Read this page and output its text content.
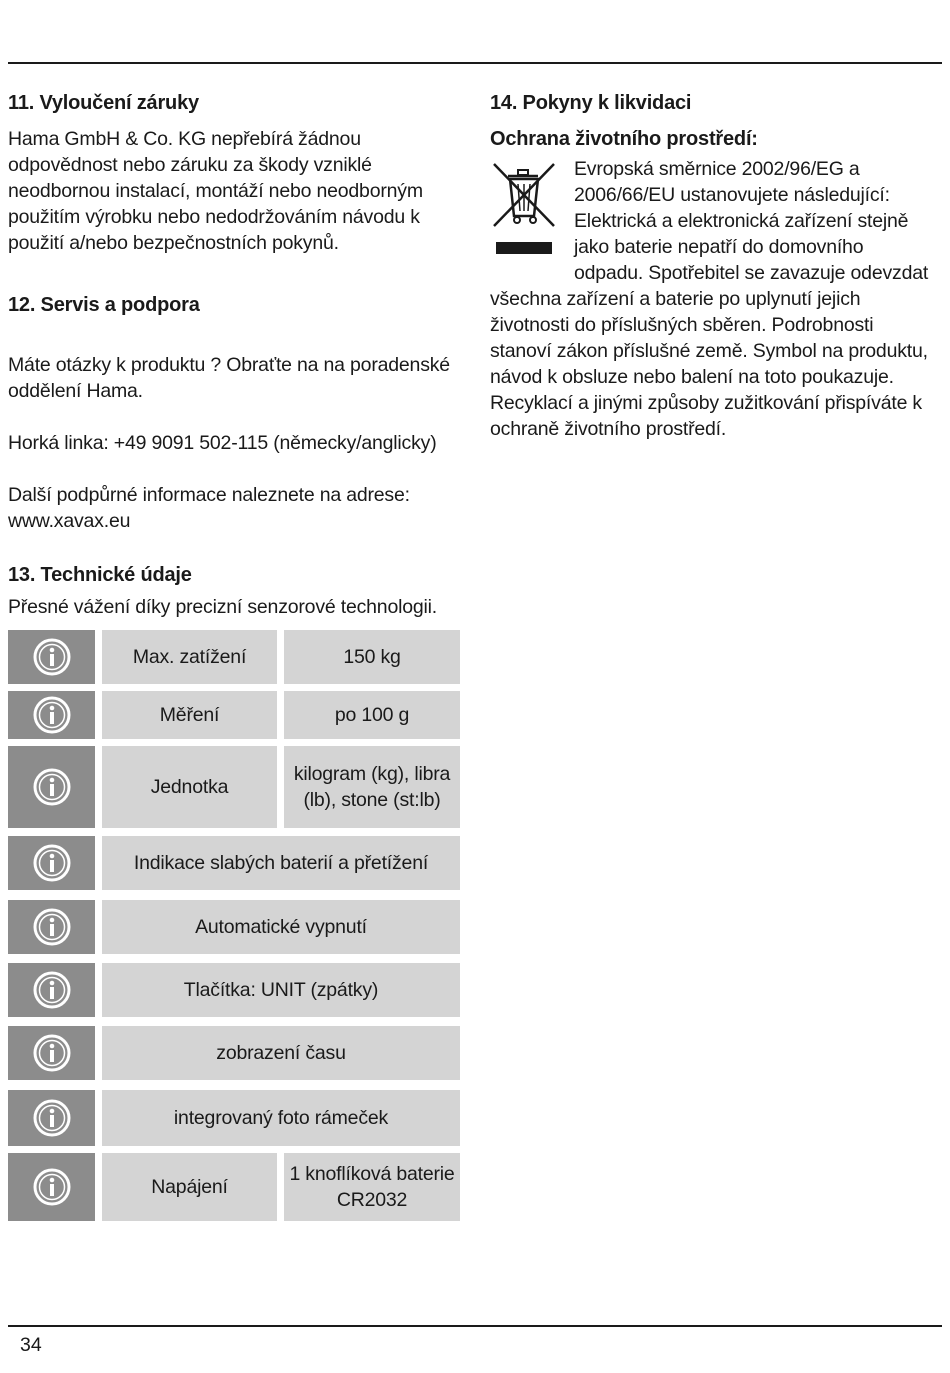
11. Vyloučení záruky

Hama GmbH & Co. KG nepřebírá žádnou odpovědnost nebo záruku za škody vzniklé neodbornou instalací, montáží nebo neodborným použitím výrobku nebo nedodržováním návodu k použití a/nebo bezpečnostních pokynů.

12. Servis a podpora

Máte otázky k produktu ? Obraťte na na poradenské oddělení Hama.

Horká linka: +49 9091 502-115 (německy/anglicky)

Další podpůrné informace naleznete na adrese: www.xavax.eu

13. Technické údaje

Přesné vážení díky precizní senzorové technologii.

Max. zatížení	150 kg
Měření	po 100 g
Jednotka
kilogram (kg), libra (lb), stone (st:lb)
Indikace slabých baterií a přetížení
Automatické vypnutí
Tlačítka: UNIT (zpátky)
zobrazení času
integrovaný foto rámeček
Napájení
1 knoflíková baterie CR2032
14. Pokyny k likvidaci

Ochrana životního prostředí:

Evropská směrnice 2002/96/EG a
2006/66/EU ustanovujete následující:
Elektrická a elektronická zařízení stejně
jako baterie nepatří do domovního
odpadu. Spotřebitel se zavazuje odevzdat
všechna zařízení a baterie po uplynutí jejich životnosti do příslušných sběren. Podrobnosti stanoví zákon příslušné země. Symbol na produktu, návod k obsluze nebo balení na toto poukazuje. Recyklací a jinými způsoby zužitkování přispíváte k ochraně životního prostředí.
34
